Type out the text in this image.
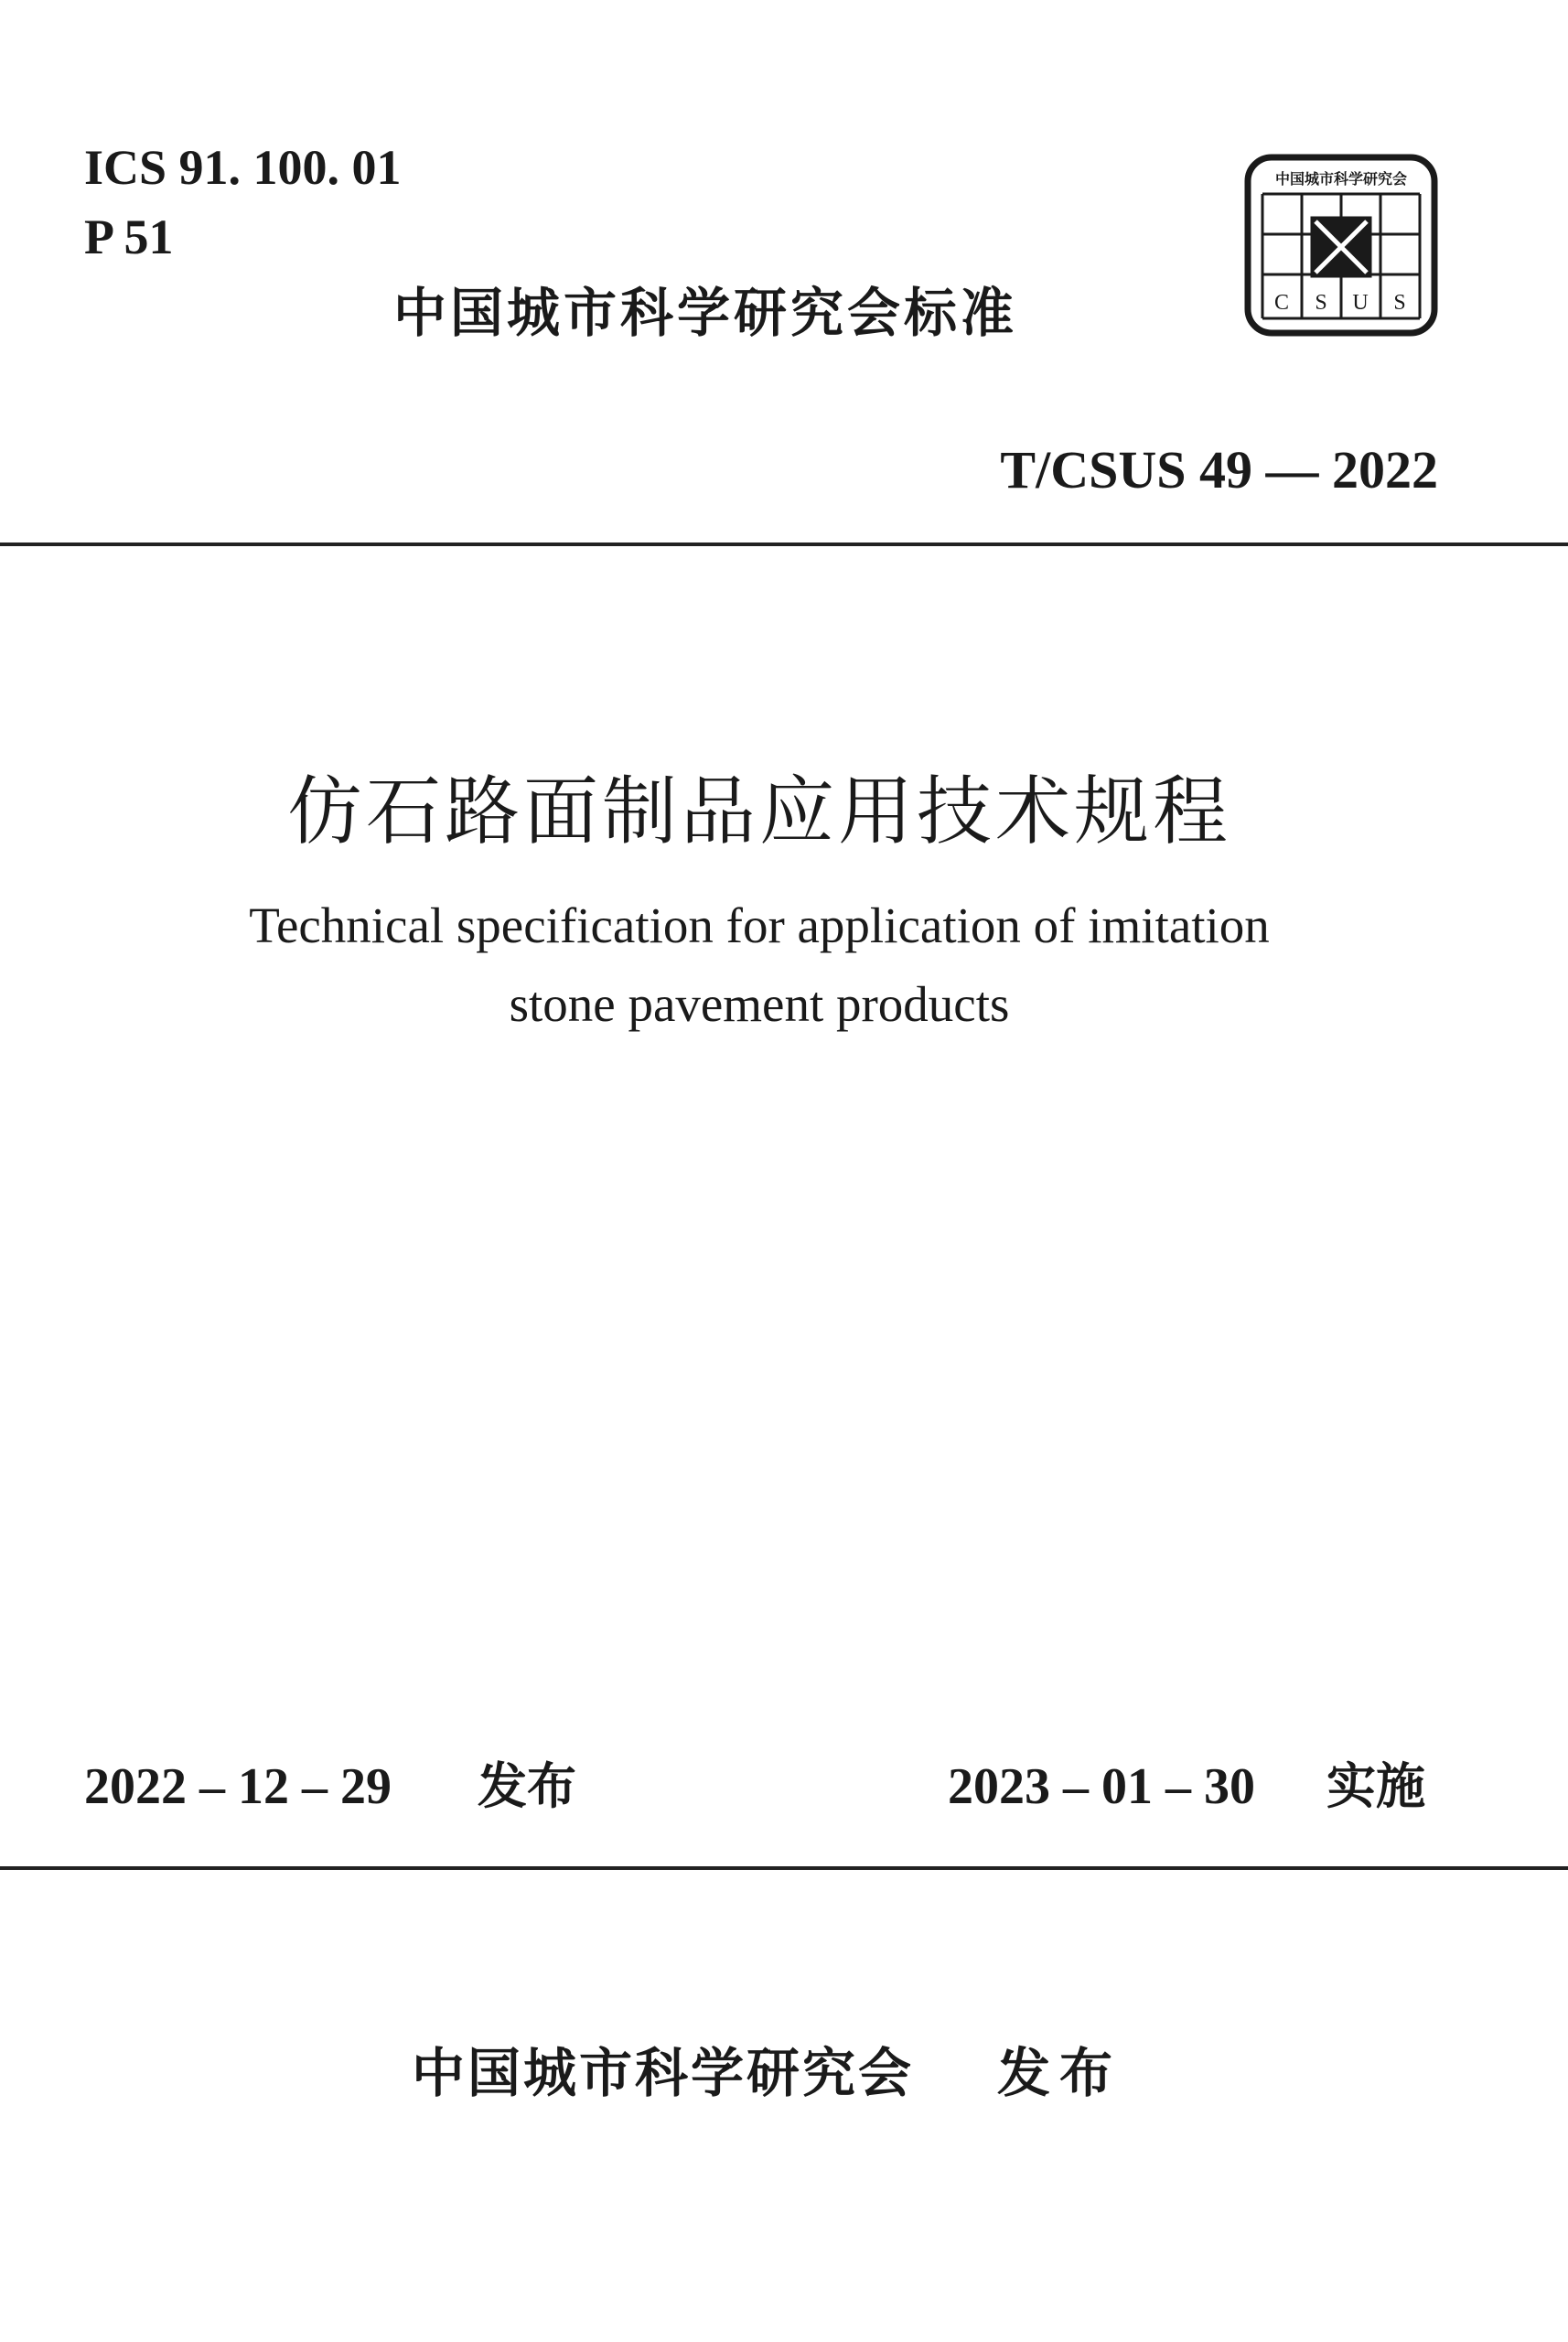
ICS 91. 100. 01
P 51
中国城市科学研究会标准
中国城市科学研究会
C S U S
T/CSUS 49 — 2022
仿石路面制品应用技术规程
Technical specification for application of imitation
stone pavement products
2022 – 12 – 29 发布	2023 – 01 – 30 实施
中国城市科学研究会 发布
